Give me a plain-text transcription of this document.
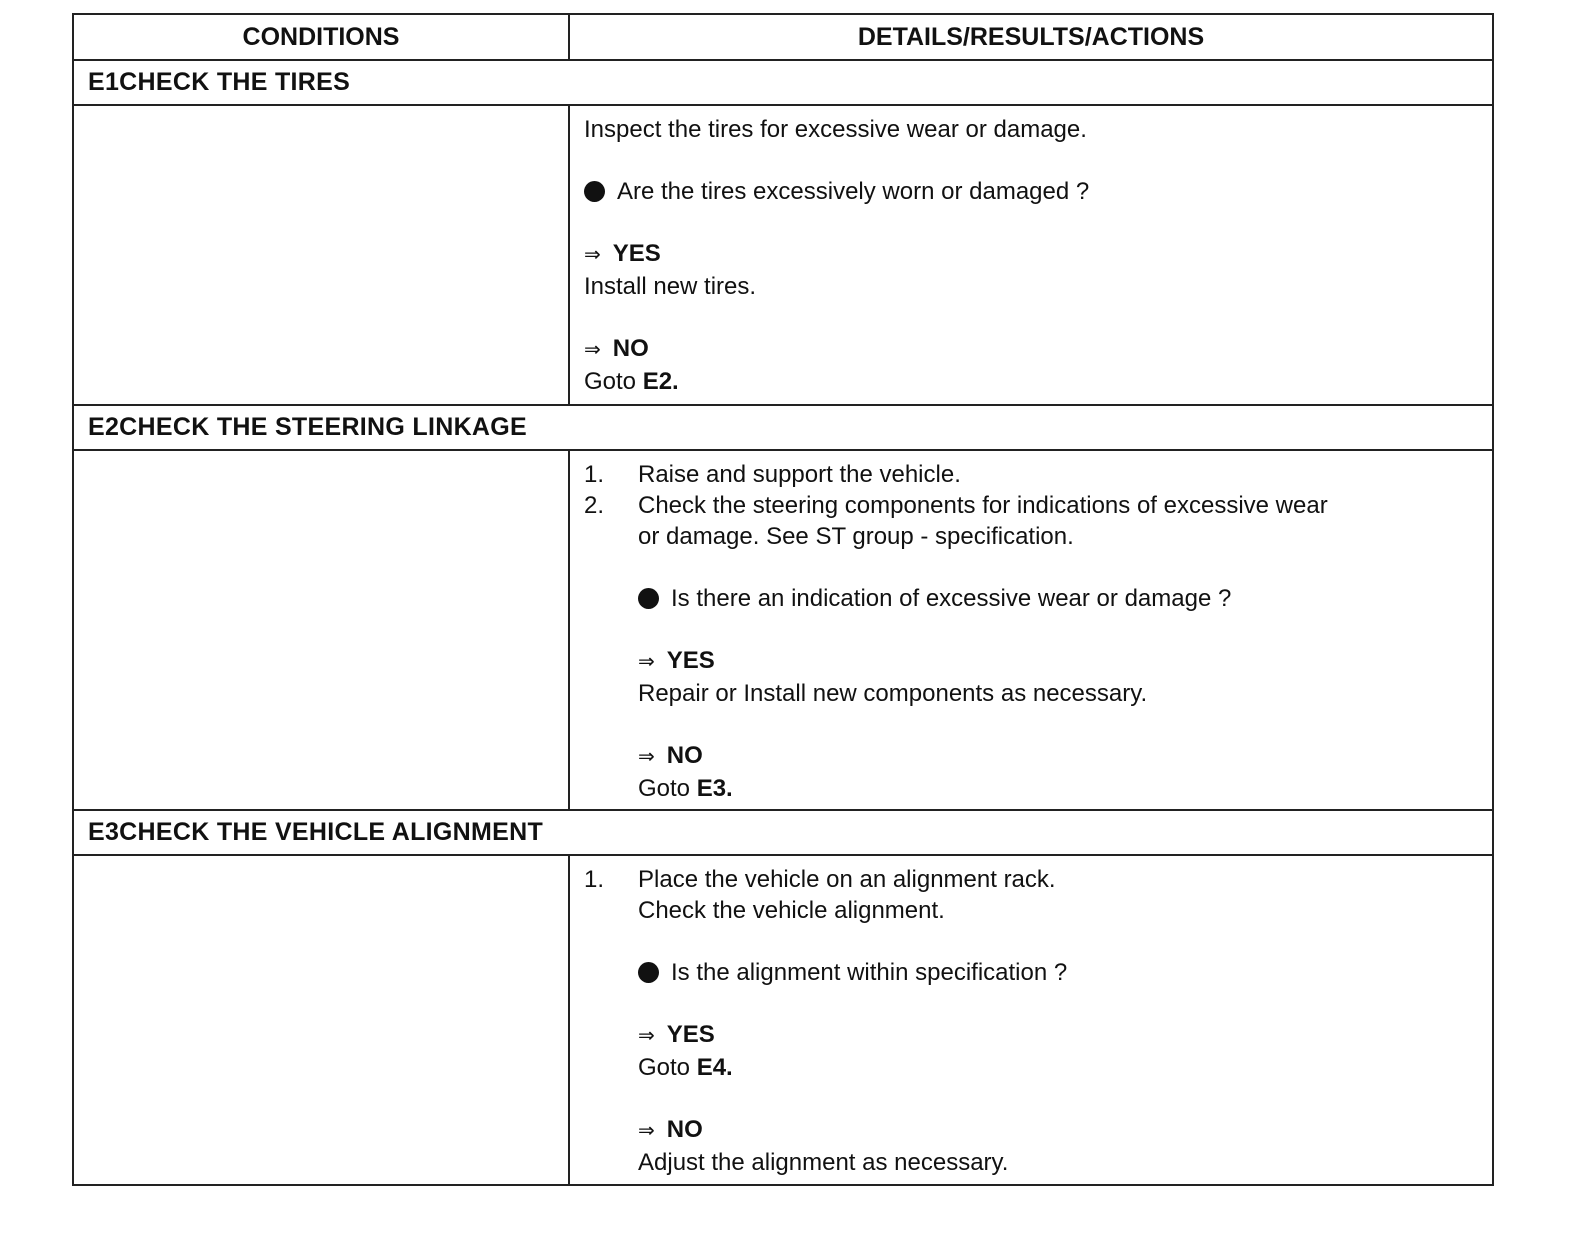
CONDITIONS	DETAILS/RESULTS/ACTIONS
E1CHECK THE TIRES

Inspect the tires for excessive wear or damage.

Are the tires excessively worn or damaged ?

⇒ YES

Install new tires.

⇒ NO

Goto E2.

E2CHECK THE STEERING LINKAGE
1.	Raise and support the vehicle.
2.	Check the steering components for indications of excessive wear
or damage. See ST group - specification.

Is there an indication of excessive wear or damage ?

⇒ YES

Repair or Install new components as necessary.

⇒ NO

Goto E3.

E3CHECK THE VEHICLE ALIGNMENT
1.	Place the vehicle on an alignment rack.
Check the vehicle alignment.

Is the alignment within specification ?

⇒ YES

Goto E4.

⇒ NO

Adjust the alignment as necessary.
